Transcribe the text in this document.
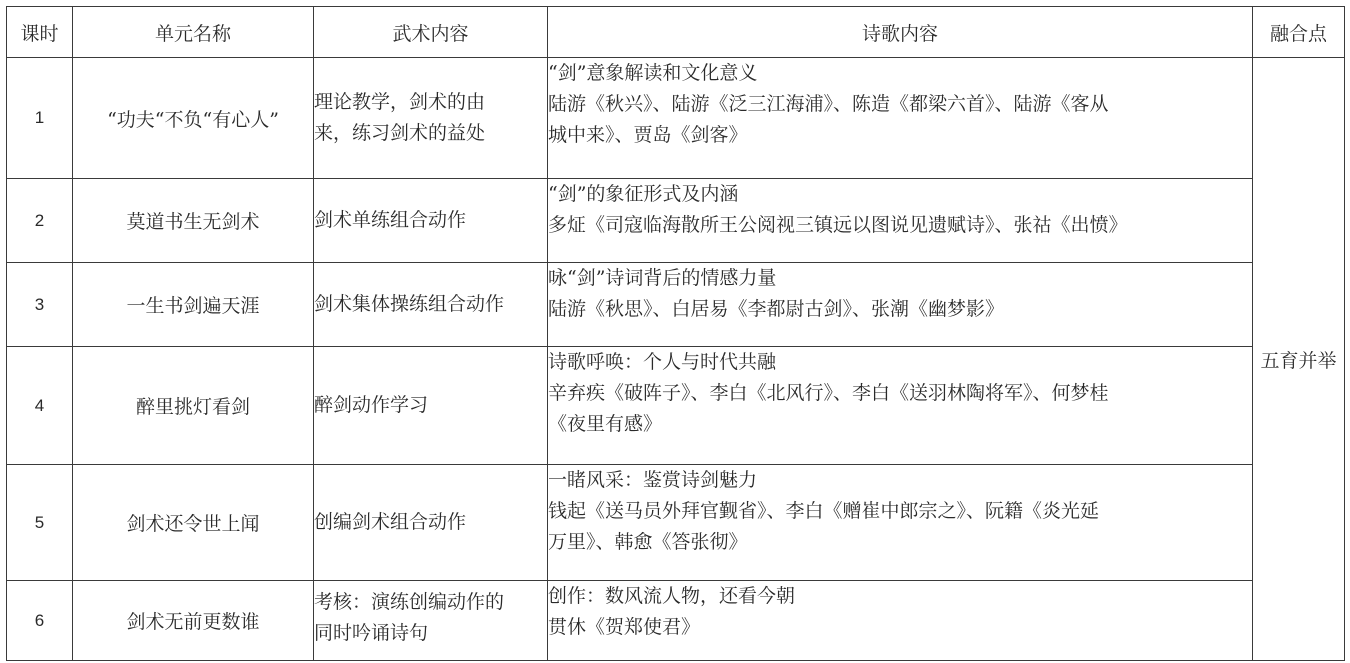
课时	单元名称	武术内容	诗歌内容	融合点
1	“功夫“不负“有心人”	理论教学，剑术的由
来，练习剑术的益处	“剑”意象解读和文化意义
陆游《秋兴》、陆游《泛三江海浦》、陈造《都梁六首》、陆游《客从
城中来》、贾岛《剑客》	五育并举
2	莫道书生无剑术	剑术单练组合动作	“剑”的象征形式及内涵
多炡《司寇临海散所王公阅视三镇远以图说见遗赋诗》、张祜《出愤》	

3	一生书剑遍天涯	剑术集体操练组合动作	咏“剑”诗词背后的情感力量
陆游《秋思》、白居易《李都尉古剑》、张潮《幽梦影》	

4	醉里挑灯看剑	醉剑动作学习	诗歌呼唤：个人与时代共融
辛弃疾《破阵子》、李白《北风行》、李白《送羽林陶将军》、何梦桂
《夜里有感》	

5	剑术还令世上闻	创编剑术组合动作	一睹风采：鉴赏诗剑魅力
钱起《送马员外拜官觐省》、李白《赠崔中郎宗之》、阮籍《炎光延
万里》、韩愈《答张彻》	

6	剑术无前更数谁	考核：演练创编动作的
同时吟诵诗句	创作：数风流人物，还看今朝
贯休《贺郑使君》	
